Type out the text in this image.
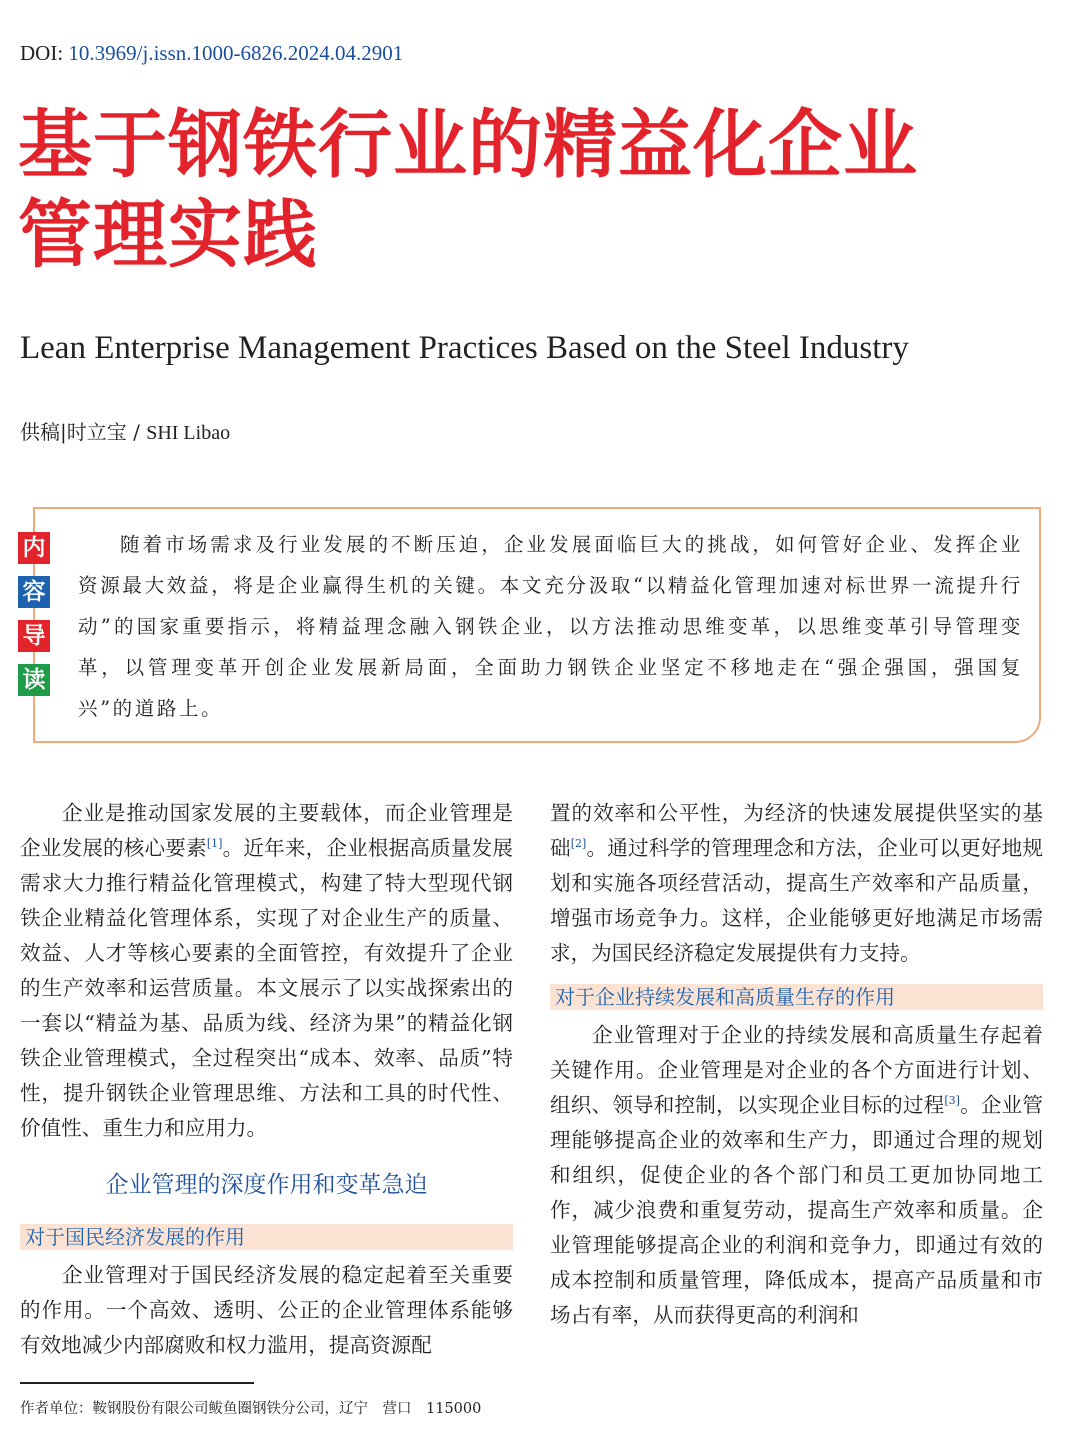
DOI: 10.3969/j.issn.1000-6826.2024.04.2901
基于钢铁行业的精益化企业
管理实践
Lean Enterprise Management Practices Based on the Steel Industry
供稿|时立宝 / SHI Libao
内
容
导
读

随着市场需求及行业发展的不断压迫，企业发展面临巨大的挑战，如何管好企业、发挥企业资源最大效益，将是企业赢得生机的关键。本文充分汲取“以精益化管理加速对标世界一流提升行动”的国家重要指示，将精益理念融入钢铁企业，以方法推动思维变革，以思维变革引导管理变革，以管理变革开创企业发展新局面，全面助力钢铁企业坚定不移地走在“强企强国，强国复兴”的道路上。

企业是推动国家发展的主要载体，而企业管理是企业发展的核心要素[1]。近年来，企业根据高质量发展需求大力推行精益化管理模式，构建了特大型现代钢铁企业精益化管理体系，实现了对企业生产的质量、效益、人才等核心要素的全面管控，有效提升了企业的生产效率和运营质量。本文展示了以实战探索出的一套以“精益为基、品质为线、经济为果”的精益化钢铁企业管理模式，全过程突出“成本、效率、品质”特性，提升钢铁企业管理思维、方法和工具的时代性、价值性、重生力和应用力。

企业管理的深度作用和变革急迫
对于国民经济发展的作用

企业管理对于国民经济发展的稳定起着至关重要的作用。一个高效、透明、公正的企业管理体系能够有效地减少内部腐败和权力滥用，提高资源配

置的效率和公平性，为经济的快速发展提供坚实的基础[2]。通过科学的管理理念和方法，企业可以更好地规划和实施各项经营活动，提高生产效率和产品质量，增强市场竞争力。这样，企业能够更好地满足市场需求，为国民经济稳定发展提供有力支持。

对于企业持续发展和高质量生存的作用

企业管理对于企业的持续发展和高质量生存起着关键作用。企业管理是对企业的各个方面进行计划、组织、领导和控制，以实现企业目标的过程[3]。企业管理能够提高企业的效率和生产力，即通过合理的规划和组织，促使企业的各个部门和员工更加协同地工作，减少浪费和重复劳动，提高生产效率和质量。企业管理能够提高企业的利润和竞争力，即通过有效的成本控制和质量管理，降低成本，提高产品质量和市场占有率，从而获得更高的利润和

作者单位：鞍钢股份有限公司鲅鱼圈钢铁分公司，辽宁　营口　115000
